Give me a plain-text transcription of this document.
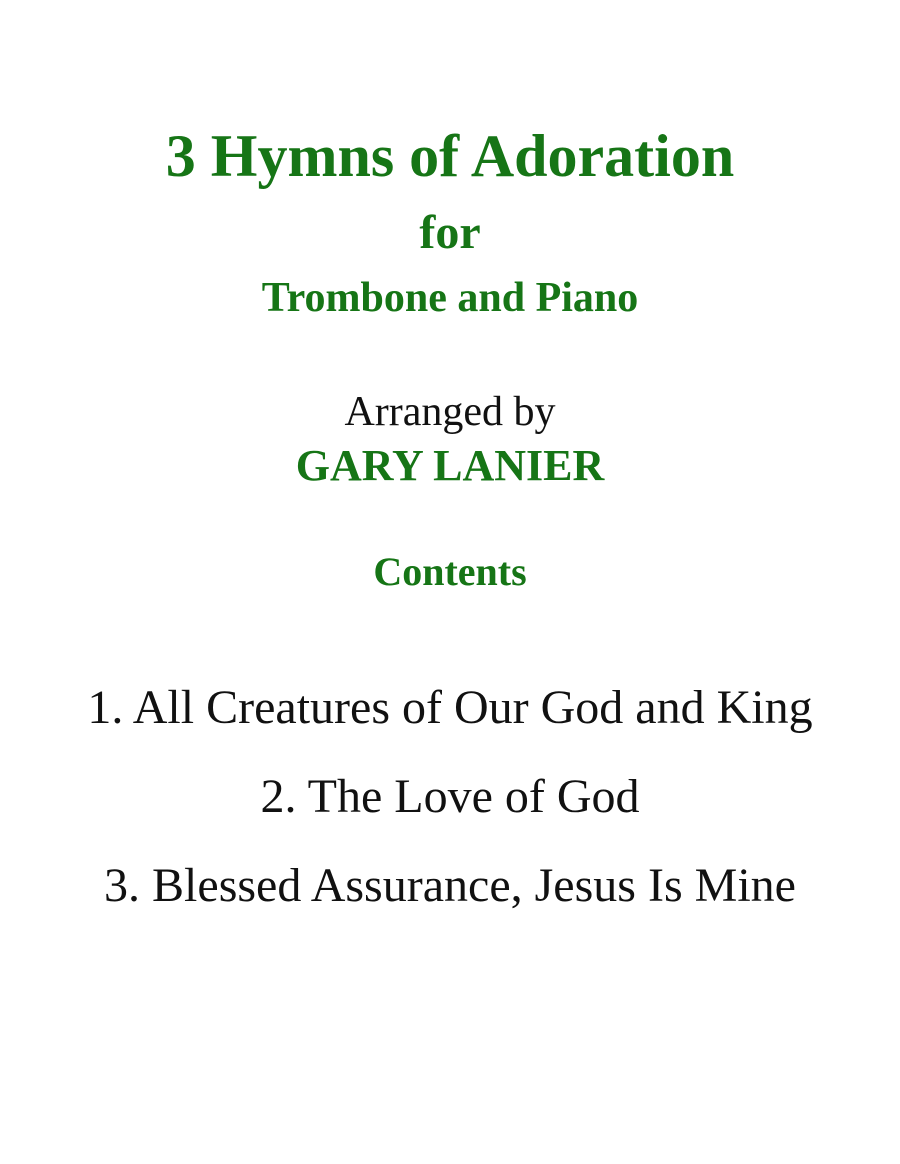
3 Hymns of Adoration
for
Trombone and Piano
Arranged by
GARY LANIER
Contents
1. All Creatures of Our God and King
2. The Love of God
3. Blessed Assurance, Jesus Is Mine
